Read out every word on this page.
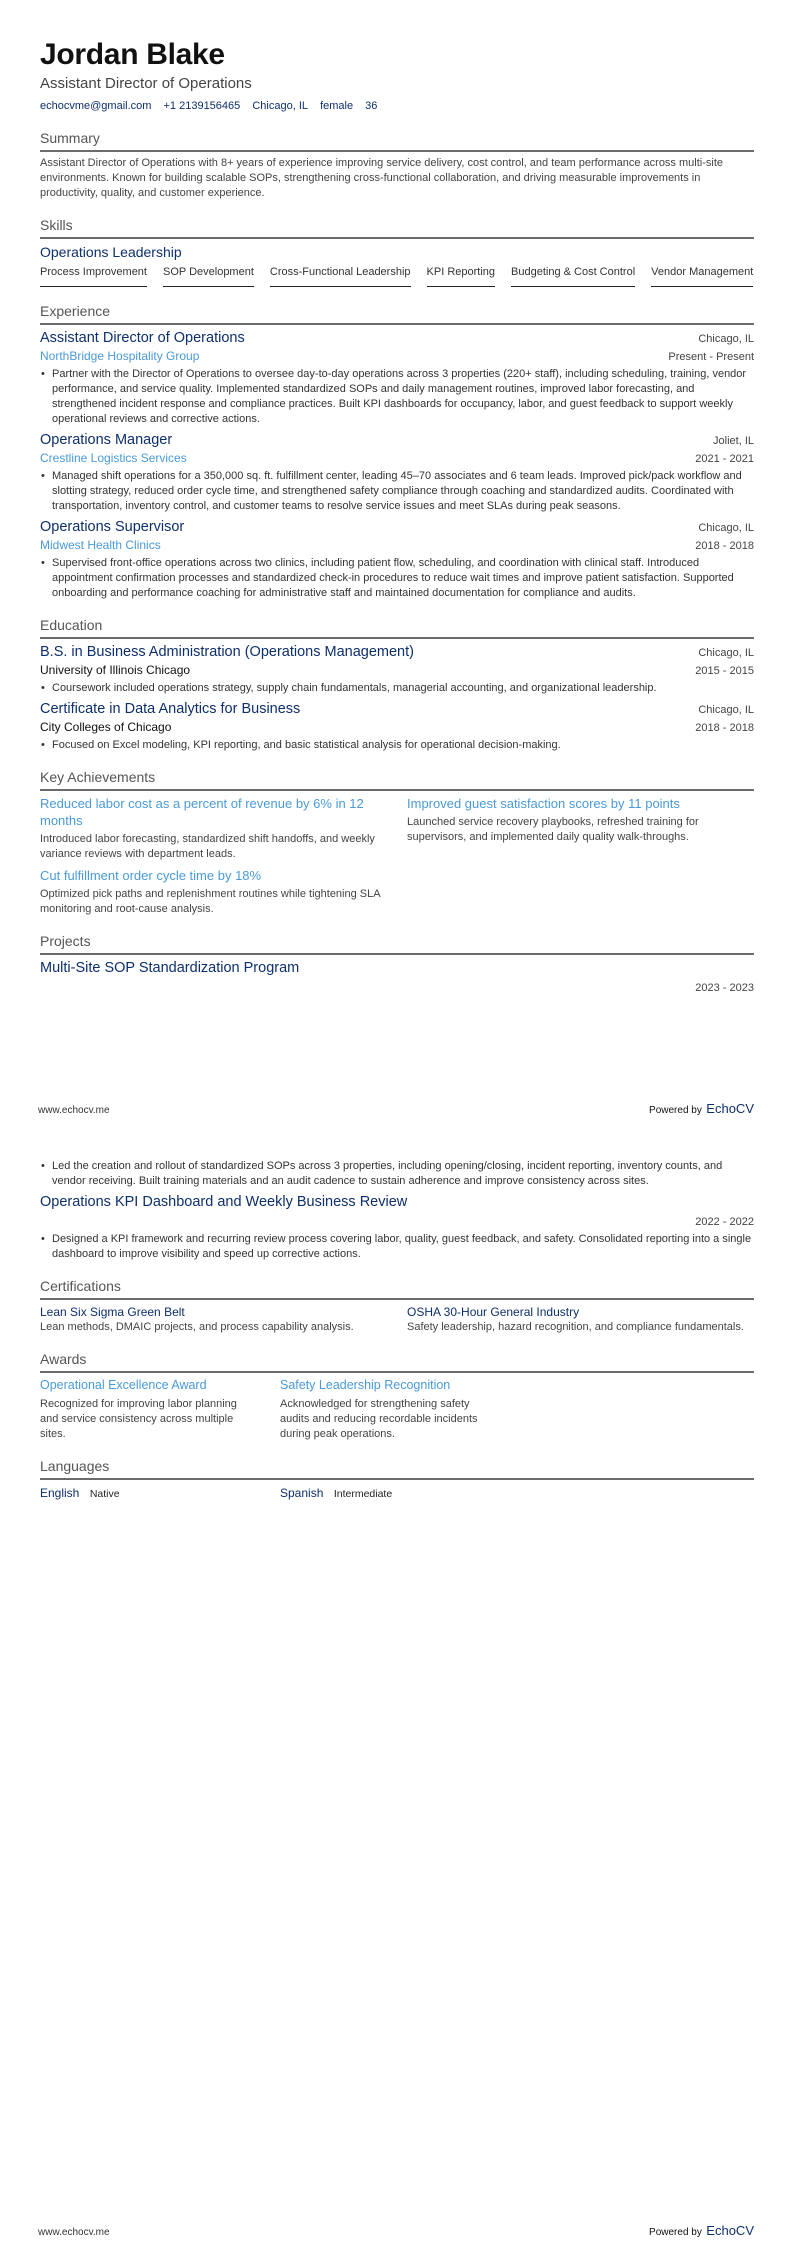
Jordan Blake
Assistant Director of Operations
echocvme@gmail.com +1 2139156465 Chicago, IL female 36
Summary
Assistant Director of Operations with 8+ years of experience improving service delivery, cost control, and team performance across multi-site environments. Known for building scalable SOPs, strengthening cross-functional collaboration, and driving measurable improvements in productivity, quality, and customer experience.
Skills
Operations Leadership
Process Improvement SOP Development Cross-Functional Leadership KPI Reporting Budgeting & Cost Control Vendor Management
Experience
Assistant Director of Operations	Chicago, IL
NorthBridge Hospitality Group	Present - Present
• Partner with the Director of Operations to oversee day-to-day operations across 3 properties (220+ staff), including scheduling, training, vendor performance, and service quality. Implemented standardized SOPs and daily management routines, improved labor forecasting, and strengthened incident response and compliance practices. Built KPI dashboards for occupancy, labor, and guest feedback to support weekly operational reviews and corrective actions.
Operations Manager	Joliet, IL
Crestline Logistics Services	2021 - 2021
• Managed shift operations for a 350,000 sq. ft. fulfillment center, leading 45–70 associates and 6 team leads. Improved pick/pack workflow and slotting strategy, reduced order cycle time, and strengthened safety compliance through coaching and standardized audits. Coordinated with transportation, inventory control, and customer teams to resolve service issues and meet SLAs during peak seasons.
Operations Supervisor	Chicago, IL
Midwest Health Clinics	2018 - 2018
• Supervised front-office operations across two clinics, including patient flow, scheduling, and coordination with clinical staff. Introduced appointment confirmation processes and standardized check-in procedures to reduce wait times and improve patient satisfaction. Supported onboarding and performance coaching for administrative staff and maintained documentation for compliance and audits.
Education
B.S. in Business Administration (Operations Management)	Chicago, IL
University of Illinois Chicago	2015 - 2015
• Coursework included operations strategy, supply chain fundamentals, managerial accounting, and organizational leadership.
Certificate in Data Analytics for Business	Chicago, IL
City Colleges of Chicago	2018 - 2018
• Focused on Excel modeling, KPI reporting, and basic statistical analysis for operational decision-making.
Key Achievements
Reduced labor cost as a percent of revenue by 6% in 12 months
Introduced labor forecasting, standardized shift handoffs, and weekly variance reviews with department leads.
Cut fulfillment order cycle time by 18%
Optimized pick paths and replenishment routines while tightening SLA monitoring and root-cause analysis.
Improved guest satisfaction scores by 11 points
Launched service recovery playbooks, refreshed training for supervisors, and implemented daily quality walk-throughs.
Projects
Multi-Site SOP Standardization Program
2023 - 2023
www.echocv.me	Powered by EchoCV
• Led the creation and rollout of standardized SOPs across 3 properties, including opening/closing, incident reporting, inventory counts, and vendor receiving. Built training materials and an audit cadence to sustain adherence and improve consistency across sites.
Operations KPI Dashboard and Weekly Business Review
2022 - 2022
• Designed a KPI framework and recurring review process covering labor, quality, guest feedback, and safety. Consolidated reporting into a single dashboard to improve visibility and speed up corrective actions.
Certifications
Lean Six Sigma Green Belt
Lean methods, DMAIC projects, and process capability analysis.
OSHA 30-Hour General Industry
Safety leadership, hazard recognition, and compliance fundamentals.
Awards
Operational Excellence Award
Recognized for improving labor planning and service consistency across multiple sites.
Safety Leadership Recognition
Acknowledged for strengthening safety audits and reducing recordable incidents during peak operations.
Languages
English Native	Spanish Intermediate
www.echocv.me	Powered by EchoCV
